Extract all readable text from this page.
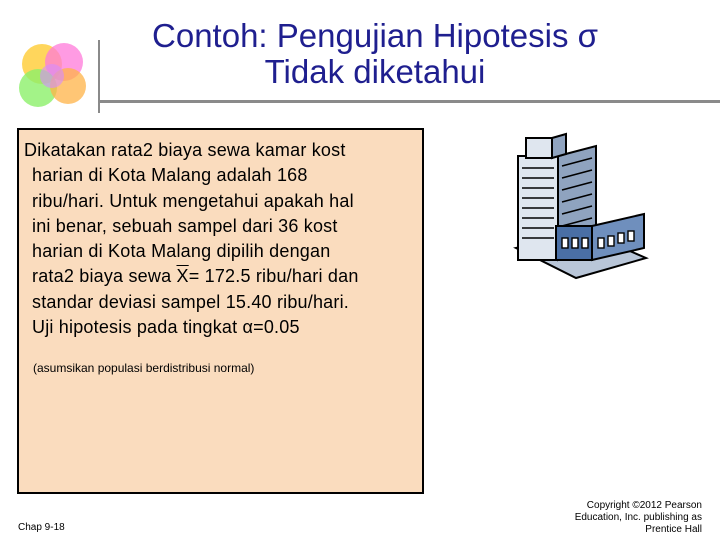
Contoh: Pengujian Hipotesis σ
Tidak diketahui
Dikatakan rata2 biaya sewa kamar kost
harian di Kota Malang adalah 168
ribu/hari. Untuk mengetahui apakah hal
ini benar, sebuah sampel dari 36 kost
harian di Kota Malang dipilih dengan
rata2 biaya sewa $\overline{X}= 172.5$ ribu/hari dan
standar deviasi sampel 15.40 ribu/hari.
Uji hipotesis pada tingkat α=0.05
(asumsikan populasi berdistribusi normal)
Chap 9-18
Copyright ©2012 Pearson
Education, Inc. publishing as
Prentice Hall
